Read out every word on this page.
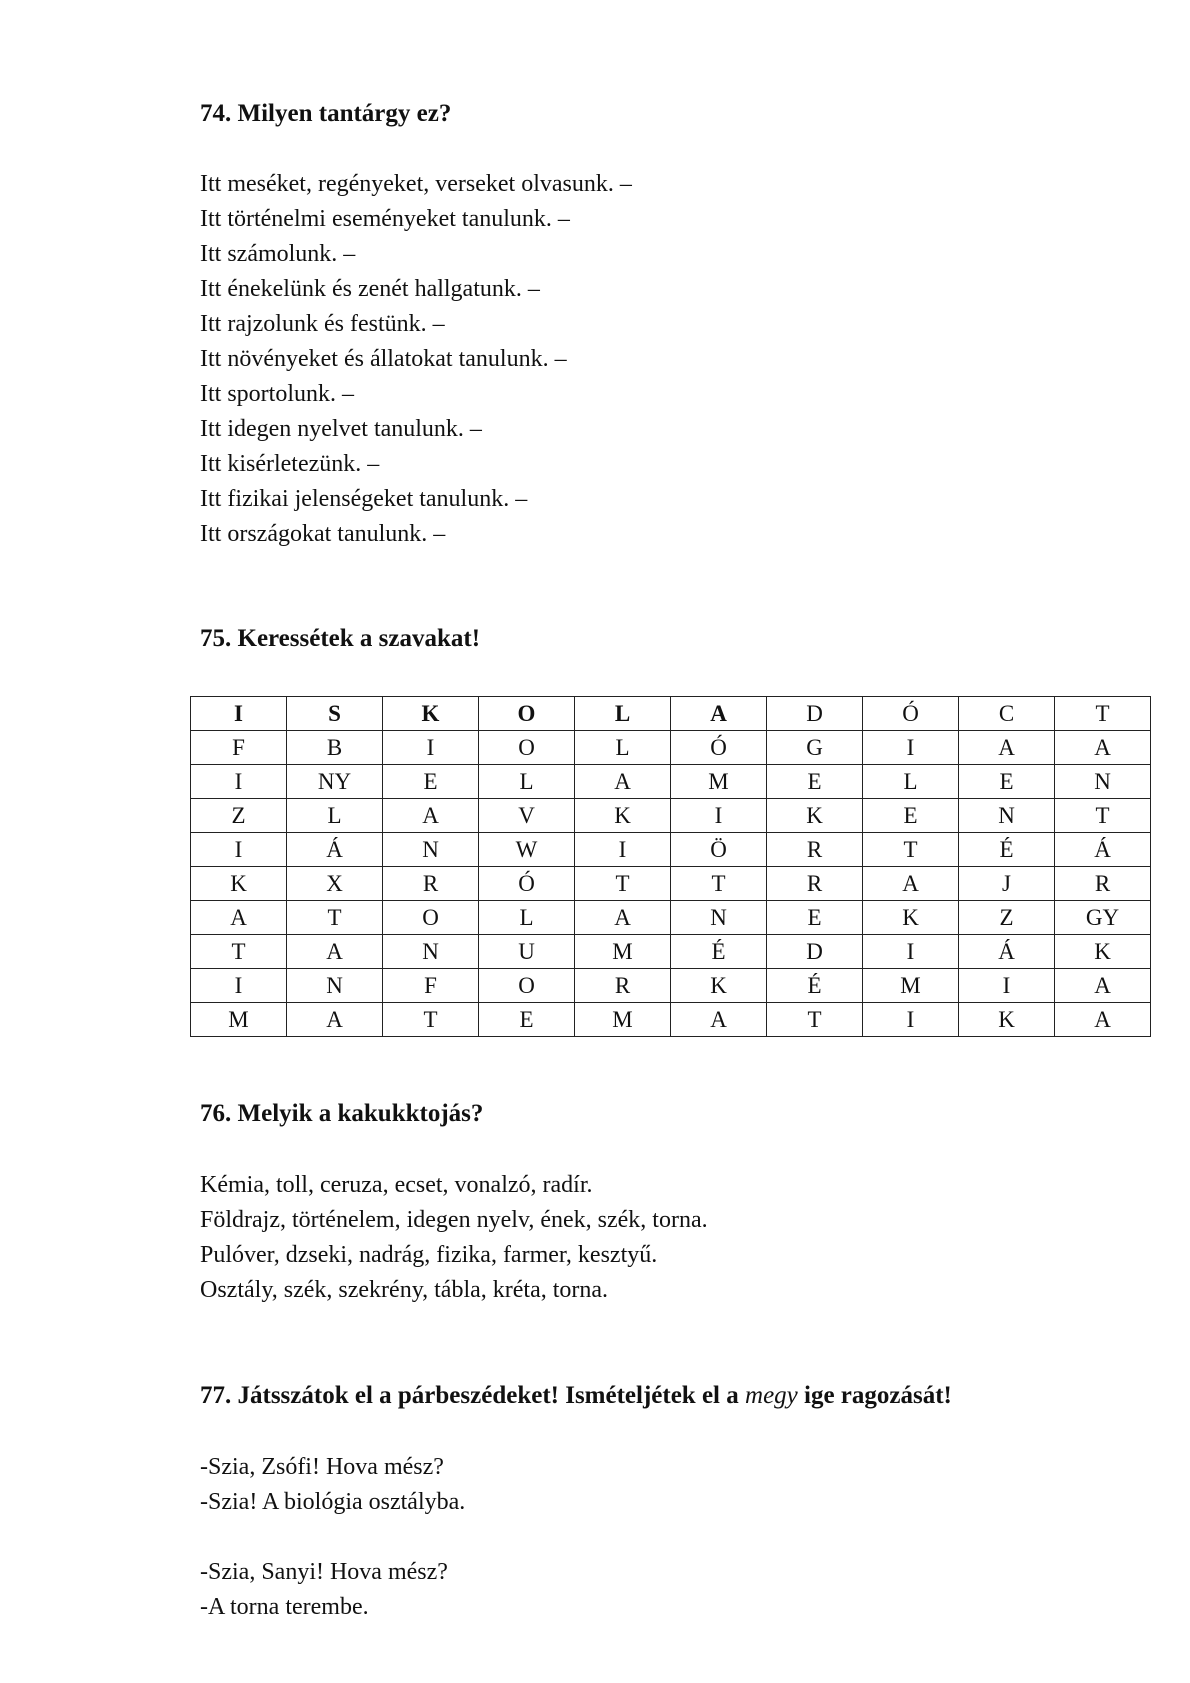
74. Milyen tantárgy ez?
Itt meséket, regényeket, verseket olvasunk. –
Itt történelmi eseményeket tanulunk. –
Itt számolunk. –
Itt énekelünk és zenét hallgatunk. –
Itt rajzolunk és festünk. –
Itt növényeket és állatokat tanulunk. –
Itt sportolunk. –
Itt idegen nyelvet tanulunk. –
Itt kisérletezünk. –
Itt fizikai jelenségeket tanulunk. –
Itt országokat tanulunk. –
75. Keressétek a szavakat!
I	S	K	O	L	A	D	Ó	C	T
F	B	I	O	L	Ó	G	I	A	A
I	NY	E	L	A	M	E	L	E	N
Z	L	A	V	K	I	K	E	N	T
I	Á	N	W	I	Ö	R	T	É	Á
K	X	R	Ó	T	T	R	A	J	R
A	T	O	L	A	N	E	K	Z	GY
T	A	N	U	M	É	D	I	Á	K
I	N	F	O	R	K	É	M	I	A
M	A	T	E	M	A	T	I	K	A
76. Melyik a kakukktojás?
Kémia, toll, ceruza, ecset, vonalzó, radír.
Földrajz, történelem, idegen nyelv, ének, szék, torna.
Pulóver, dzseki, nadrág, fizika, farmer, kesztyű.
Osztály, szék, szekrény, tábla, kréta, torna.
77. Játsszátok el a párbeszédeket! Ismételjétek el a megy ige ragozását!
-Szia, Zsófi! Hova mész?
-Szia! A biológia osztályba.
-Szia, Sanyi! Hova mész?
-A torna terembe.
